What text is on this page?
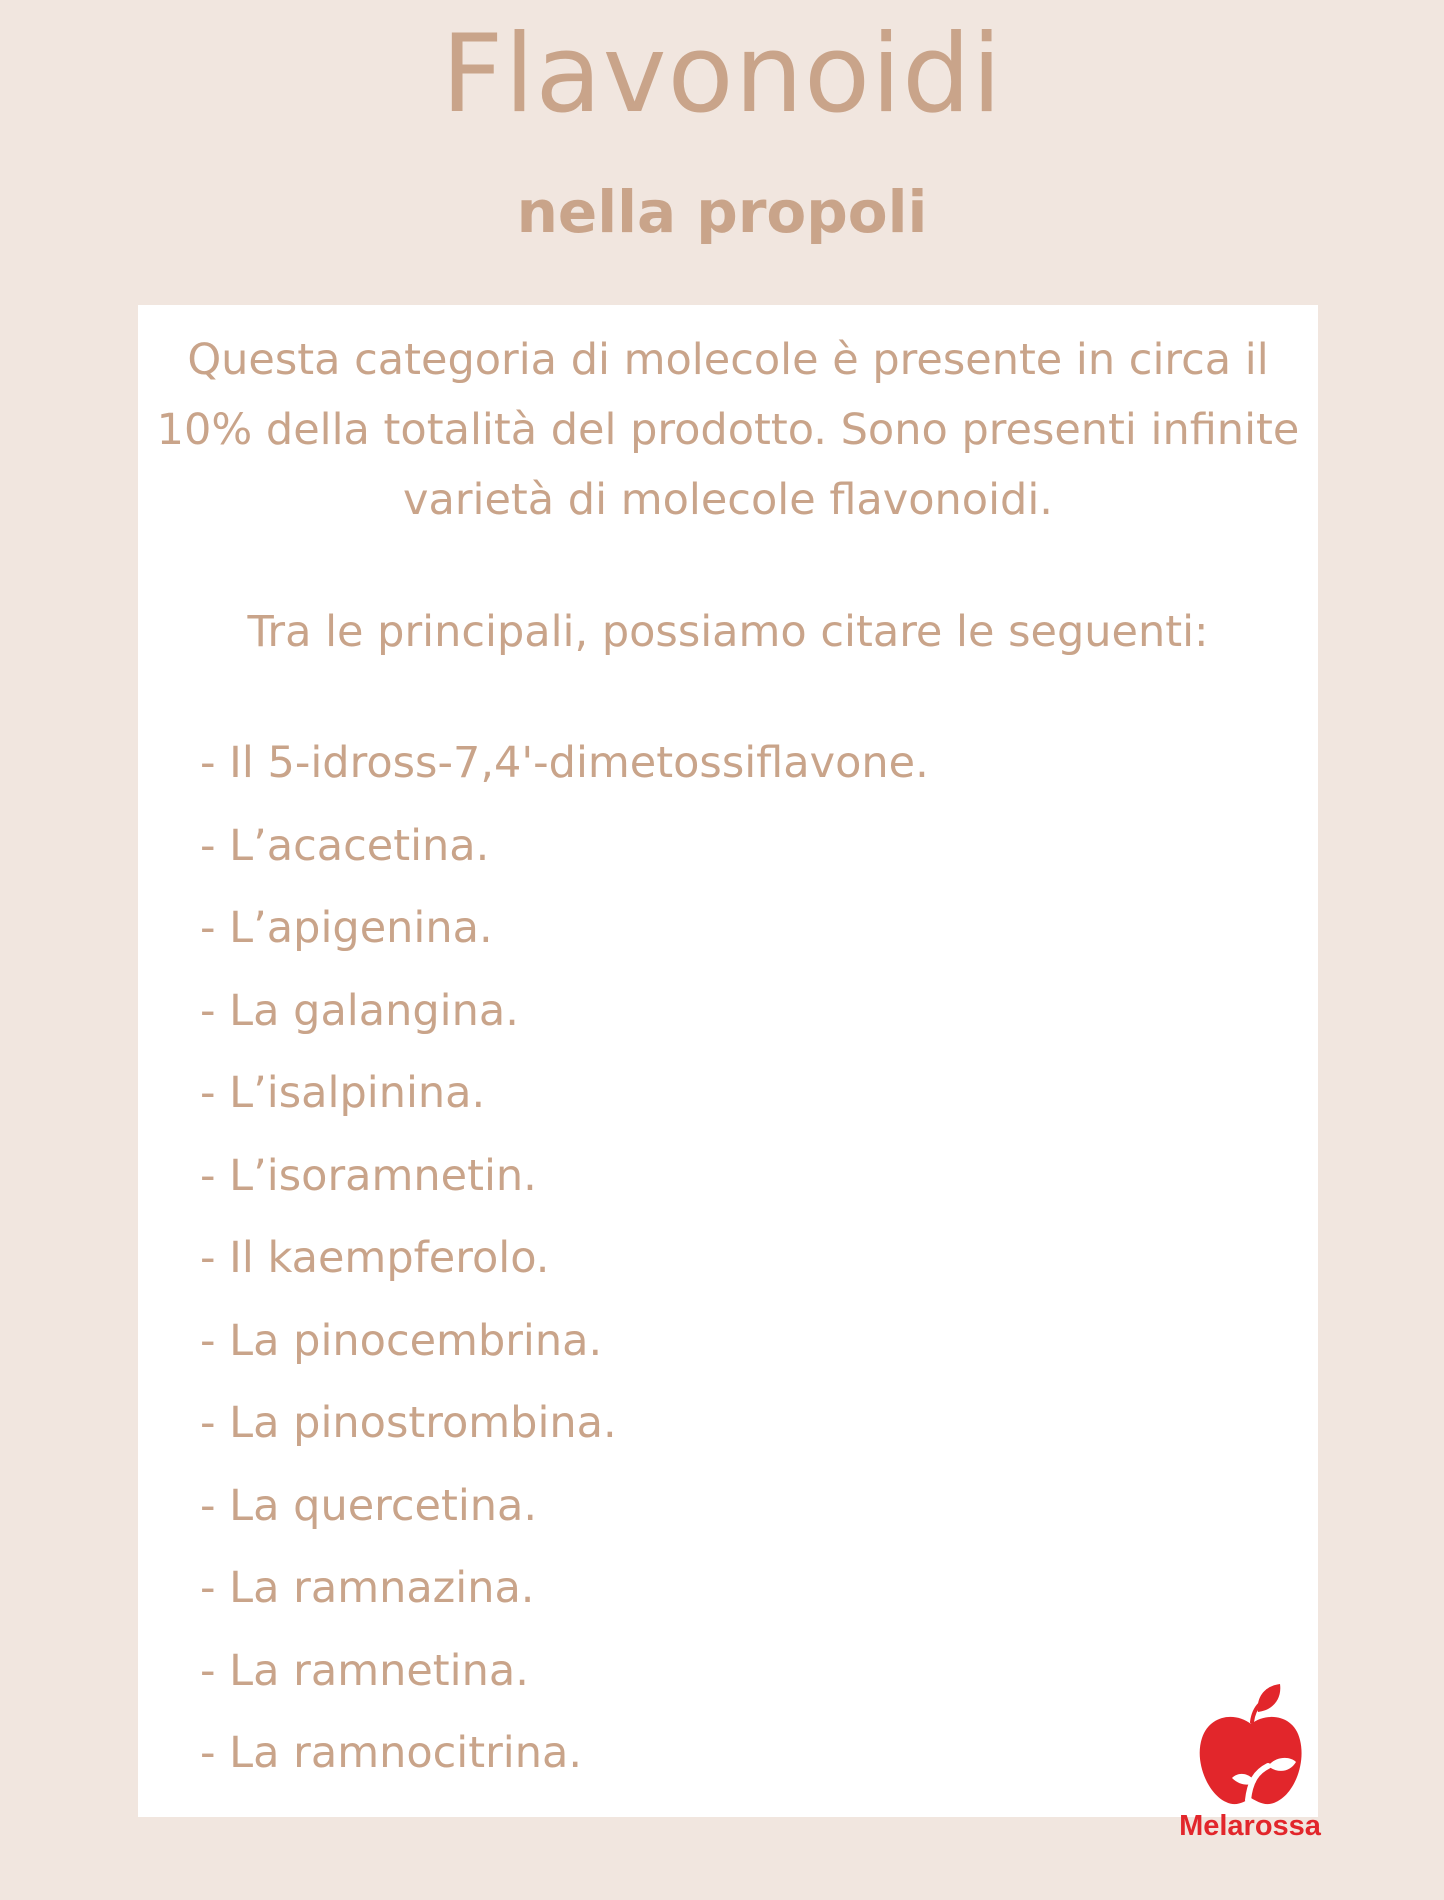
Flavonoidi
nella propoli

Questa categoria di molecole è presente in circa il 10% della totalità del prodotto. Sono presenti infinite varietà di molecole flavonoidi.

Tra le principali, possiamo citare le seguenti:

- Il 5-idross-7,4'-dimetossiflavone.
- L’acacetina.
- L’apigenina.
- La galangina.
- L’isalpinina.
- L’isoramnetin.
- Il kaempferolo.
- La pinocembrina.
- La pinostrombina.
- La quercetina.
- La ramnazina.
- La ramnetina.
- La ramnocitrina.
Melarossa
